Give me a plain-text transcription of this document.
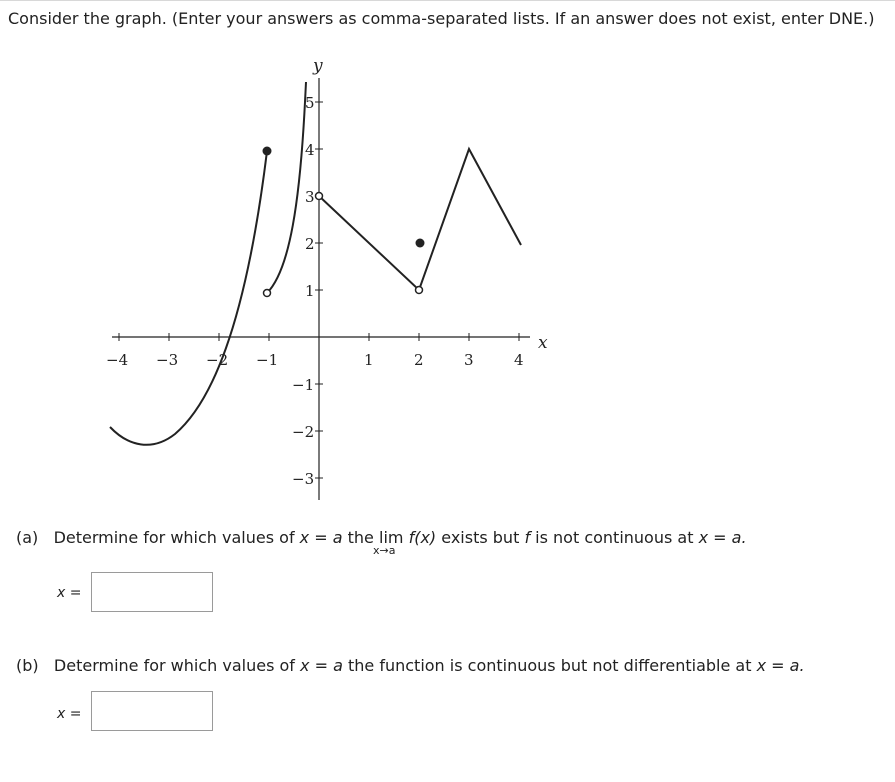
Consider the graph. (Enter your answers as comma-separated lists. If an answer does not exist, enter DNE.)
y
x
−4 −3 −2 −1	1	2	3	4
5
4
3
2
1
−1
−2
−3
(a) Determine for which values of x = a the lim
x→a
f(x) exists but f is not continuous at x = a.
x =
(b) Determine for which values of x = a the function is continuous but not differentiable at x = a.
x =
